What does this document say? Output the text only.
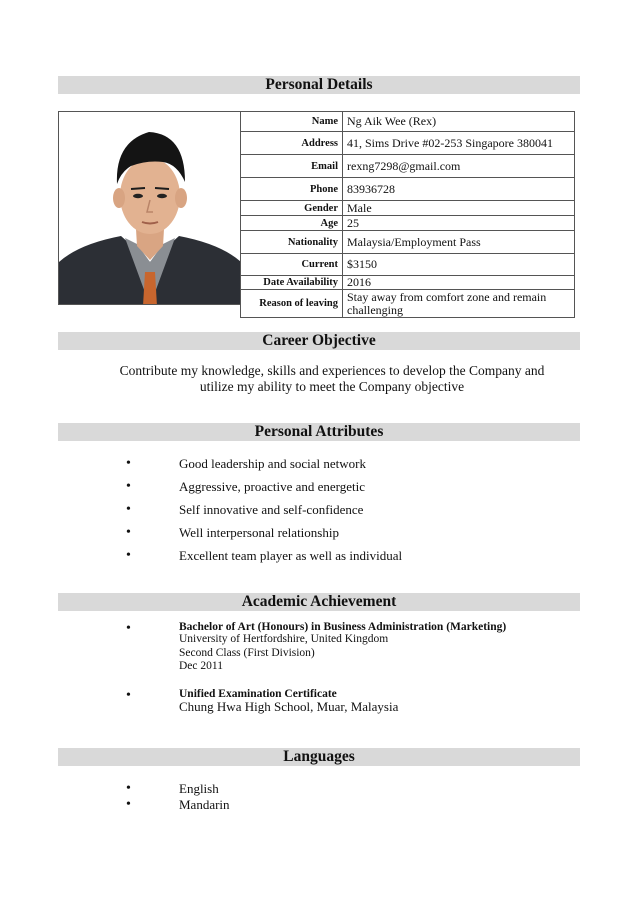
Personal Details
Name	Ng Aik Wee (Rex)
Address	41, Sims Drive #02-253 Singapore 380041
Email	rexng7298@gmail.com
Phone	83936728
Gender	Male
Age	25
Nationality	Malaysia/Employment Pass
Current	$3150
Date Availability	2016
Reason of leaving	Stay away from comfort zone and remain challenging
Career Objective
Contribute my knowledge, skills and experiences to develop the Company and
utilize my ability to meet the Company objective
Personal Attributes
• Good leadership and social network
• Aggressive, proactive and energetic
• Self innovative and self-confidence
• Well interpersonal relationship
• Excellent team player as well as individual
Academic Achievement
• Bachelor of Art (Honours) in Business Administration (Marketing)
University of Hertfordshire, United Kingdom
Second Class (First Division)
Dec 2011
• Unified Examination Certificate
Chung Hwa High School, Muar, Malaysia
Languages
• English
• Mandarin
